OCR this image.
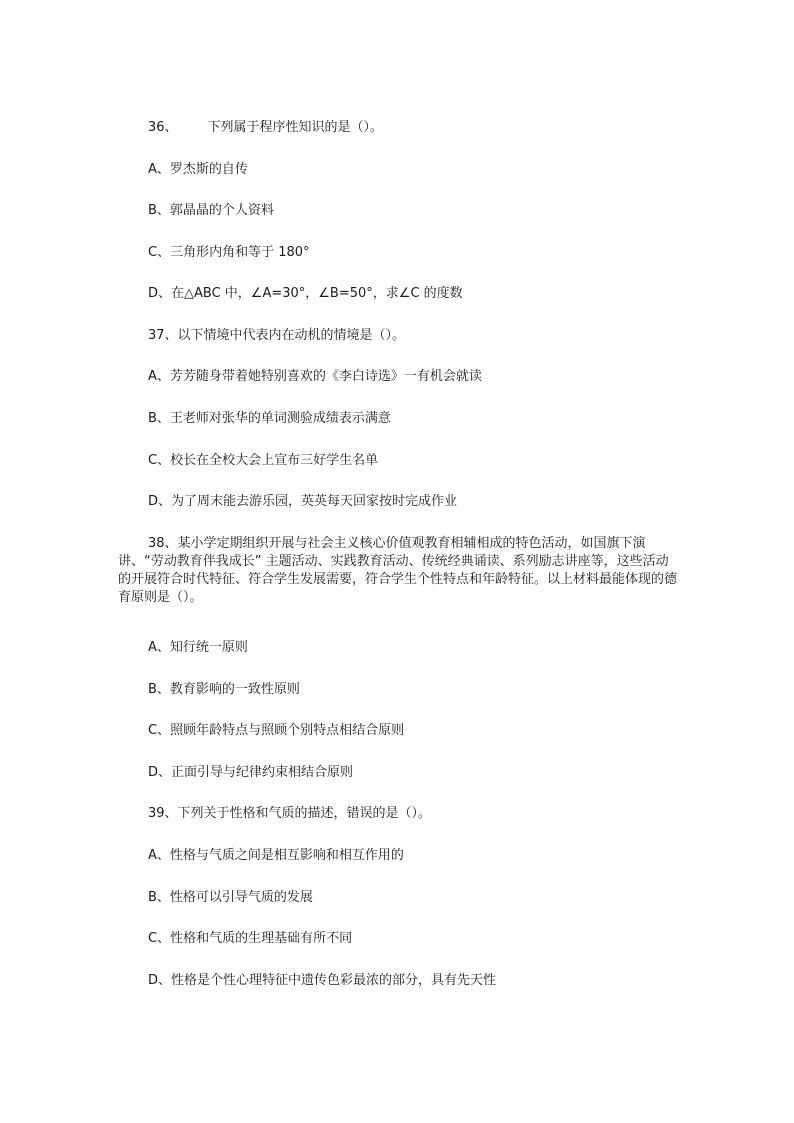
36、 下列属于程序性知识的是（）。
A、罗杰斯的自传
B、郭晶晶的个人资料
C、三角形内角和等于 180°
D、在△ABC 中，∠A=30°，∠B=50°，求∠C 的度数
37、以下情境中代表内在动机的情境是（）。
A、芳芳随身带着她特别喜欢的《李白诗选》一有机会就读
B、王老师对张华的单词测验成绩表示满意
C、校长在全校大会上宣布三好学生名单
D、为了周末能去游乐园，英英每天回家按时完成作业
38、某小学定期组织开展与社会主义核心价值观教育相辅相成的特色活动，如国旗下演讲、“劳动教育伴我成长” 主题活动、实践教育活动、传统经典诵读、系列励志讲座等，这些活动的开展符合时代特征、符合学生发展需要，符合学生个性特点和年龄特征。以上材料最能体现的德育原则是（）。
A、知行统一原则
B、教育影响的一致性原则
C、照顾年龄特点与照顾个别特点相结合原则
D、正面引导与纪律约束相结合原则
39、下列关于性格和气质的描述，错误的是（）。
A、性格与气质之间是相互影响和相互作用的
B、性格可以引导气质的发展
C、性格和气质的生理基础有所不同
D、性格是个性心理特征中遗传色彩最浓的部分，具有先天性
